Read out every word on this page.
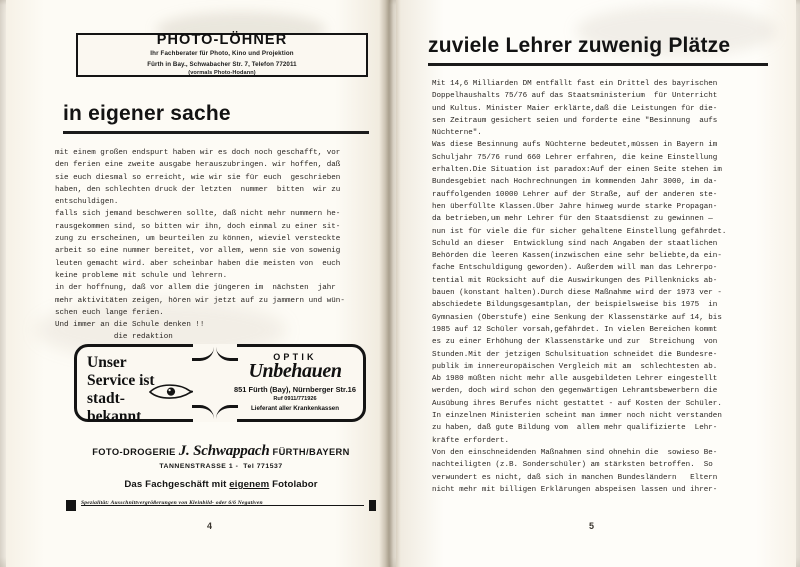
PHOTO-LÖHNER
Ihr Fachberater für Photo, Kino und Projektion
Fürth in Bay., Schwabacher Str. 7, Telefon 772011
(vormals Photo-Hodann)
in eigener sache
mit einem großen endspurt haben wir es doch noch geschafft, vor
den ferien eine zweite ausgabe herauszubringen. wir hoffen, daß
sie euch diesmal so erreicht, wie wir sie für euch  geschrieben
haben, den schlechten druck der letzten  nummer  bitten  wir zu
entschuldigen.
falls sich jemand beschweren sollte, daß nicht mehr nummern he-
rausgekommen sind, so bitten wir ihn, doch einmal zu einer sit-
zung zu erscheinen, um beurteilen zu können, wieviel versteckte
arbeit so eine nummer bereitet, vor allem, wenn sie von sowenig
leuten gemacht wird. aber scheinbar haben die meisten von  euch
keine probleme mit schule und lehrern.
in der hoffnung, daß vor allem die jüngeren im  nächsten  jahr
mehr aktivitäten zeigen, hören wir jetzt auf zu jammern und wün-
schen euch lange ferien.
Und immer an die Schule denken !!
die redaktion
Unser
Service ist
stadt-
bekannt
OPTIK
Unbehauen
851 Fürth (Bay), Nürnberger Str.16
Ruf 0911/771926
Lieferant aller Krankenkassen
FOTO-DROGERIE J. Schwappach FÜRTH/BAYERN
TANNENSTRASSE 1 - Tel 771537
Das Fachgeschäft mit eigenem Fotolabor
Spezialität: Ausschnittvergrößerungen von Kleinbild- oder 6/6 Negativen
4
zuviele Lehrer zuwenig Plätze
Mit 14,6 Milliarden DM entfällt fast ein Drittel des bayrischen
Doppelhaushalts 75/76 auf das Staatsministerium  für Unterricht
und Kultus. Minister Maier erklärte,daß die Leistungen für die-
sen Zeitraum gesichert seien und forderte eine "Besinnung  aufs
Nüchterne".
Was diese Besinnung aufs Nüchterne bedeutet,müssen in Bayern im
Schuljahr 75/76 rund 660 Lehrer erfahren, die keine Einstellung
erhalten.Die Situation ist paradox:Auf der einen Seite stehen im
Bundesgebiet nach Hochrechnungen im kommenden Jahr 3000, im da-
rauffolgenden 10000 Lehrer auf der Straße, auf der anderen ste-
hen überfüllte Klassen.Über Jahre hinweg wurde starke Propagan-
da betrieben,um mehr Lehrer für den Staatsdienst zu gewinnen —
nun ist für viele die für sicher gehaltene Einstellung gefährdet.
Schuld an dieser  Entwicklung sind nach Angaben der staatlichen
Behörden die leeren Kassen(inzwischen eine sehr beliebte,da ein-
fache Entschuldigung geworden). Außerdem will man das Lehrerpo-
tential mit Rücksicht auf die Auswirkungen des Pillenknicks ab-
bauen (konstant halten).Durch diese Maßnahme wird der 1973 ver -
abschiedete Bildungsgesamtplan, der beispielsweise bis 1975  in
Gymnasien (Oberstufe) eine Senkung der Klassenstärke auf 14, bis
1985 auf 12 Schüler vorsah,gefährdet. In vielen Bereichen kommt
es zu einer Erhöhung der Klassenstärke und zur  Streichung  von
Stunden.Mit der jetzigen Schulsituation schneidet die Bundesre-
publik im innereuropäischen Vergleich mit am  schlechtesten ab.
Ab 1980 müßten nicht mehr alle ausgebildeten Lehrer eingestellt
werden, doch wird schon den gegenwärtigen Lehramtsbewerbern die
Ausübung ihres Berufes nicht gestattet - auf Kosten der Schüler.
In einzelnen Ministerien scheint man immer noch nicht verstanden
zu haben, daß gute Bildung vom  allem mehr qualifizierte  Lehr-
kräfte erfordert.
Von den einschneidenden Maßnahmen sind ohnehin die  sowieso Be-
nachteiligten (z.B. Sonderschüler) am stärksten betroffen.  So
verwundert es nicht, daß sich in manchen Bundesländern   Eltern
nicht mehr mit billigen Erklärungen abspeisen lassen und ihrer-
5
